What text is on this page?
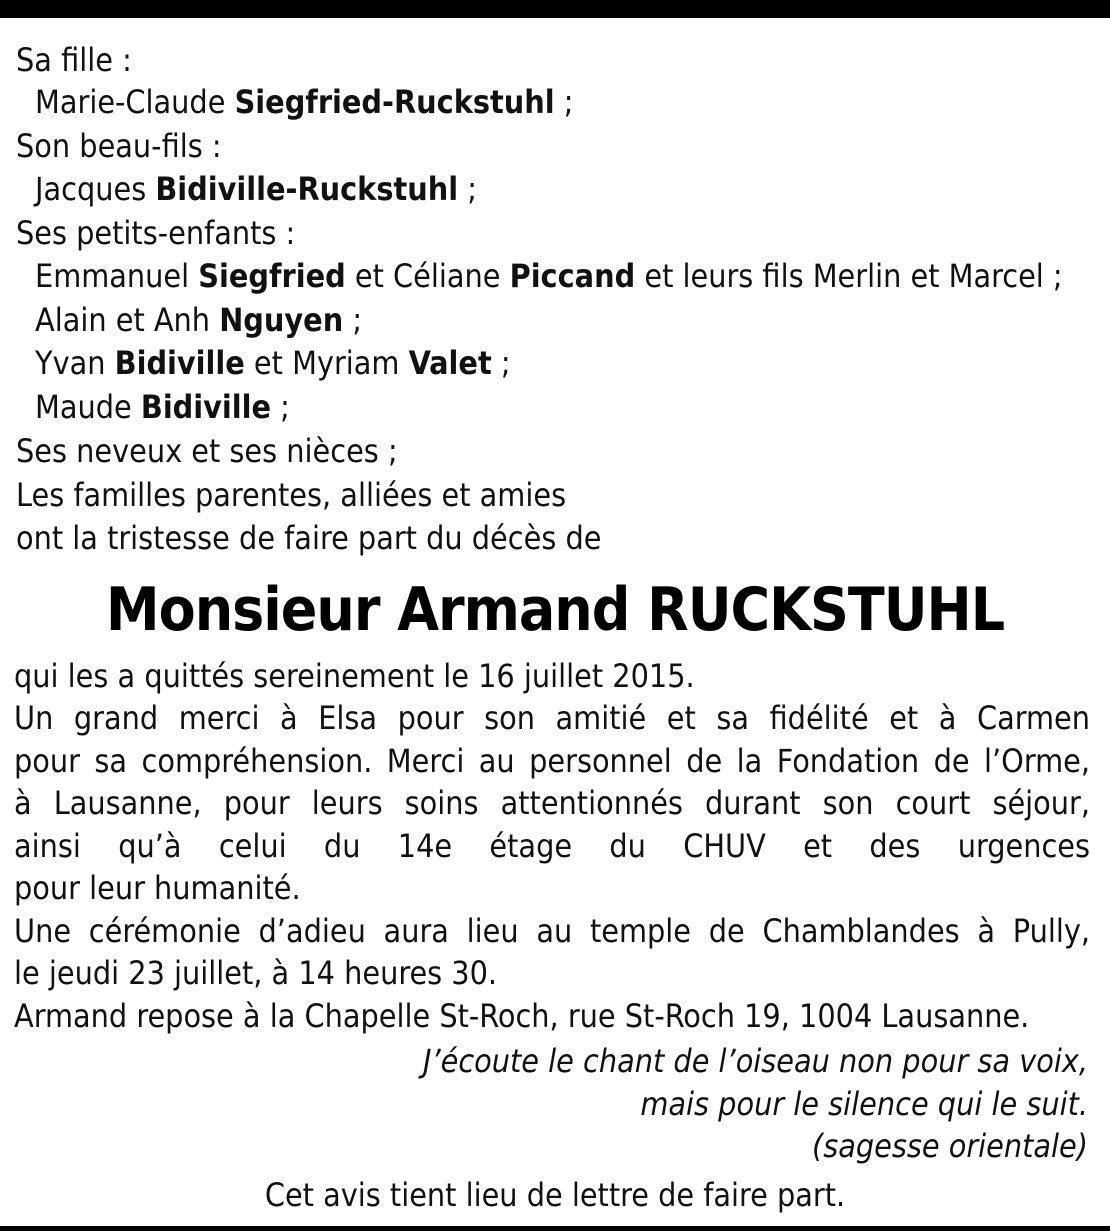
Sa fille :
Marie-Claude Siegfried-Ruckstuhl ;
Son beau-fils :
Jacques Bidiville-Ruckstuhl ;
Ses petits-enfants :
Emmanuel Siegfried et Céliane Piccand et leurs fils Merlin et Marcel ;
Alain et Anh Nguyen ;
Yvan Bidiville et Myriam Valet ;
Maude Bidiville ;
Ses neveux et ses nièces ;
Les familles parentes, alliées et amies
ont la tristesse de faire part du décès de
Monsieur Armand RUCKSTUHL
qui les a quittés sereinement le 16 juillet 2015.
Un grand merci à Elsa pour son amitié et sa fidélité et à Carmen
pour sa compréhension. Merci au personnel de la Fondation de l’Orme,
à Lausanne, pour leurs soins attentionnés durant son court séjour,
ainsi qu’à celui du 14e étage du CHUV et des urgences
pour leur humanité.
Une cérémonie d’adieu aura lieu au temple de Chamblandes à Pully,
le jeudi 23 juillet, à 14 heures 30.
Armand repose à la Chapelle St-Roch, rue St-Roch 19, 1004 Lausanne.
J’écoute le chant de l’oiseau non pour sa voix,
mais pour le silence qui le suit.
(sagesse orientale)
Cet avis tient lieu de lettre de faire part.
